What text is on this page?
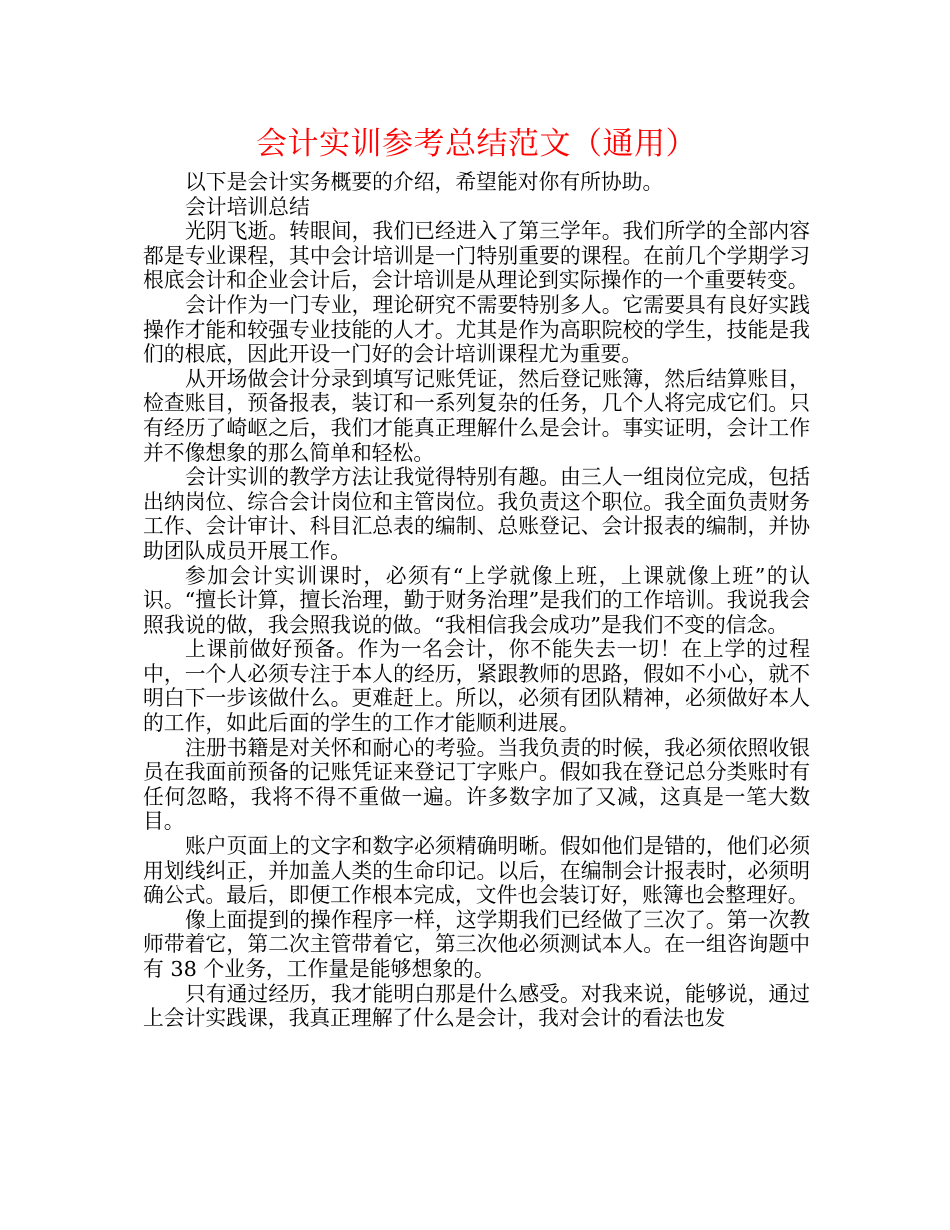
会计实训参考总结范文（通用）

以下是会计实务概要的介绍，希望能对你有所协助。

会计培训总结

光阴飞逝。转眼间，我们已经进入了第三学年。我们所学的全部内容都是专业课程，其中会计培训是一门特别重要的课程。在前几个学期学习根底会计和企业会计后，会计培训是从理论到实际操作的一个重要转变。

会计作为一门专业，理论研究不需要特别多人。它需要具有良好实践操作才能和较强专业技能的人才。尤其是作为高职院校的学生，技能是我们的根底，因此开设一门好的会计培训课程尤为重要。

从开场做会计分录到填写记账凭证，然后登记账簿，然后结算账目，检查账目，预备报表，装订和一系列复杂的任务，几个人将完成它们。只有经历了崎岖之后，我们才能真正理解什么是会计。事实证明，会计工作并不像想象的那么简单和轻松。

会计实训的教学方法让我觉得特别有趣。由三人一组岗位完成，包括出纳岗位、综合会计岗位和主管岗位。我负责这个职位。我全面负责财务工作、会计审计、科目汇总表的编制、总账登记、会计报表的编制，并协助团队成员开展工作。

参加会计实训课时，必须有“上学就像上班，上课就像上班”的认识。“擅长计算，擅长治理，勤于财务治理”是我们的工作培训。我说我会照我说的做，我会照我说的做。“我相信我会成功”是我们不变的信念。

上课前做好预备。作为一名会计，你不能失去一切！在上学的过程中，一个人必须专注于本人的经历，紧跟教师的思路，假如不小心，就不明白下一步该做什么。更难赶上。所以，必须有团队精神，必须做好本人的工作，如此后面的学生的工作才能顺利进展。

注册书籍是对关怀和耐心的考验。当我负责的时候，我必须依照收银员在我面前预备的记账凭证来登记丁字账户。假如我在登记总分类账时有任何忽略，我将不得不重做一遍。许多数字加了又减，这真是一笔大数目。

账户页面上的文字和数字必须精确明晰。假如他们是错的，他们必须用划线纠正，并加盖人类的生命印记。以后，在编制会计报表时，必须明确公式。最后，即便工作根本完成，文件也会装订好，账簿也会整理好。

像上面提到的操作程序一样，这学期我们已经做了三次了。第一次教师带着它，第二次主管带着它，第三次他必须测试本人。在一组咨询题中有 38 个业务，工作量是能够想象的。

只有通过经历，我才能明白那是什么感受。对我来说，能够说，通过上会计实践课，我真正理解了什么是会计，我对会计的看法也发
